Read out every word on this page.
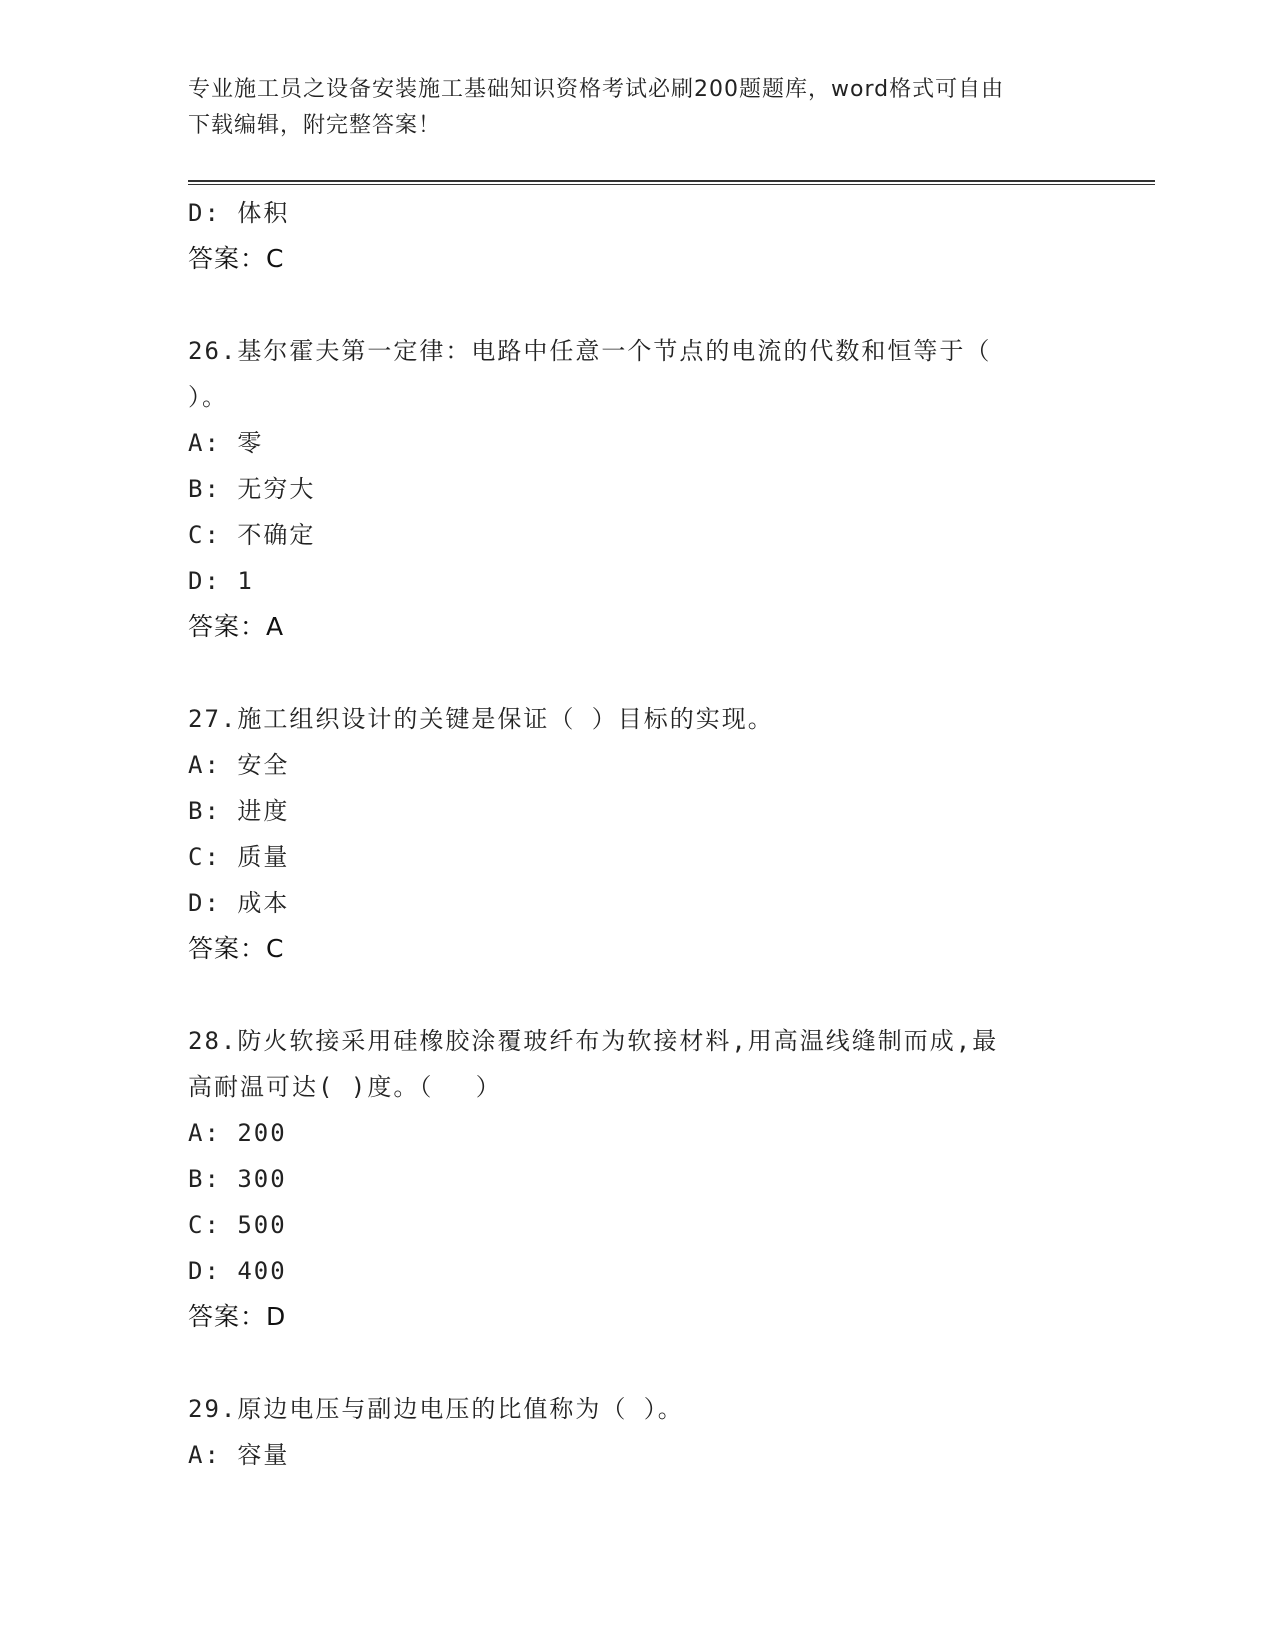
专业施工员之设备安装施工基础知识资格考试必刷200题题库，word格式可自由
下载编辑，附完整答案！
D: 体积
答案：C
26.基尔霍夫第一定律：电路中任意一个节点的电流的代数和恒等于（
）。
A: 零
B: 无穷大
C: 不确定
D: 1
答案：A
27.施工组织设计的关键是保证（ ）目标的实现。
A: 安全
B: 进度
C: 质量
D: 成本
答案：C
28.防火软接采用硅橡胶涂覆玻纤布为软接材料,用高温线缝制而成,最
高耐温可达( )度。（　 ）
A: 200
B: 300
C: 500
D: 400
答案：D
29.原边电压与副边电压的比值称为（ ）。
A: 容量
